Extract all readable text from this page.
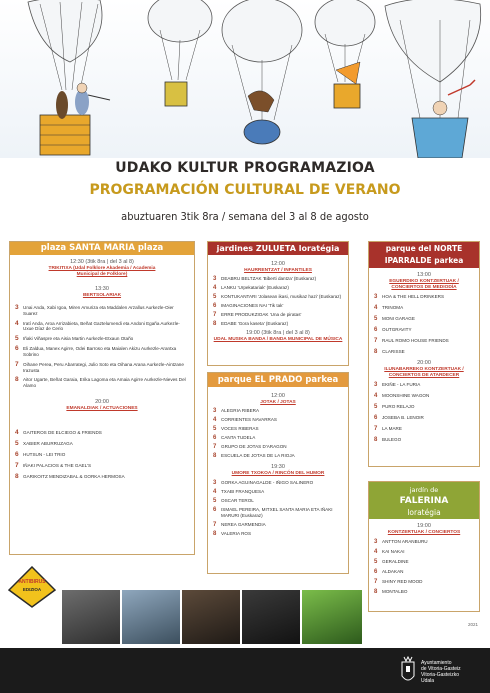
UDAKO KULTUR PROGRAMAZIOA
PROGRAMACIÓN CULTURAL DE VERANO
abuztuaren 3tik 8ra / semana del 3 al 8 de agosto
plaza SANTA MARIA plaza
12:30 (3tik 8ra | del 3 al 8)
TRIKITIXA (Udal Folklore Akademia / Academia Municipal de Folklore)
13:30
BERTSOLARIAK
3 Unai Anda, Xabi Igoa, Miren Amuriza eta Maddalen Arzallus Aurkezle-Oier Suarez
4 Iratí Anda, Aroa Arrizabieta, Beñat Gaztelumendi eta Andoni Egaña Aurkezle-Uxue Díaz de Cerio
5 Iñaki Viñaspre eta Aisia Martin Aurkezle-Etxaun Otaño
6 Eli Zaldua, Manex Agirre, Odei Barroso eta Maialen Akizu Aurkezle-Arantxa Sobrino
7 Oihane Perea, Peru Abarrategi, Julio Soto eta Oihana Arana Aurkezle-Aintzane Irazusta
8 Aitor Ugarte, Beñat Garaia, Erika Lagoma eta Amaia Agirre Aurkezle-Nieves Del Alamo
20:00
EMANALDIAK / ACTUACIONES
4 GAITEROS DE ELCIEGO & FRIENDS
5 XABIER ABURRUZAGA
6 HUTSUN - LEI TRIO
7 IÑAKI PALACIOS & THE GAEL'S
8 GARIKOITZ MENDIZABAL & GORKA HERMOSA
jardines ZULUETA loratégia
12:00
HAURRENTZAT / INFANTILES
3	DEABRU BELTZAK 'Biberti dantza' (Euskaraz)
4	LANKU 'Urpekatariak' (Euskaraz)
5	KONTUKANTARI 'Jolasean ikasi, musikaz hazi' (Euskaraz)
6	IMAGINACIONES NAI 'Tik tak'
7	ERRE PRODUKZIOAK 'Una de piratas'
8	EDABE 'Gora kaseta' (Euskaraz)
19:00 (3tik 8ra | del 3 al 8)
UDAL MUSIKA BANDA / BANDA MUNICIPAL DE MÚSICA
parque EL PRADO parkea
12:00
JOTAK / JOTAS
3	ALEGRIA RIBERA
4	CORRIENTES NAVARRAS
5	VOCES RIBERAS
6	CANTA TUDELA
7	GRUPO DE JOTAS D'ARAGON
8	ESCUELA DE JOTAS DE LA RIOJA
19:30
UMORE TXOKOA / RINCÓN DEL HUMOR
3	GORKA AGUINAGALDE - IÑIGO SALINERO
4	TXABI FRANQUESA
5	OSCAR TEROL
6	ISMAEL PEREIRA, MITXEL SANTA MARIA ETA IÑAKI MARURI (Euskaraz)
7	NEREA GARMENDIA
8	VALERIA ROS
parque del NORTE
IPARRALDE parkea
13:00
EGUERDIKO KONTZERTUAK / CONCIERTOS DE MEDIODÍA
3	HOA & THE HELL DRINKERS
4	TRINOMA
5	MONI GARAGE
6	OUTGRAVITY
7	RAUL ROMO HOUSE FRIENDS
8	CLARISSE
20:00
ILUNABARREKO KONTZERTUAK / CONCIERTOS DE ATARDECER
3	EKIÑE - LA FURIA
4	MOONSHINE WAGON
5	PURO RELAJO
6	JOSEBA B. LENOIR
7	LA MARE
8	BULEGO
jardín de
FALERINA
loratégia
19:00
KONTZERTUAK / CONCIERTOS
3	ANTTON ARANBURU
4	KAI NAKAI
5	GERALDINE
6	ALDAKAN
7	SHINY RED MOOD
8	MONTALBO
ANTIBIRUS
EDIZIOA
2021
Ayuntamiento
de Vitoria-Gasteiz
Vitoria-Gasteizko
Udala
